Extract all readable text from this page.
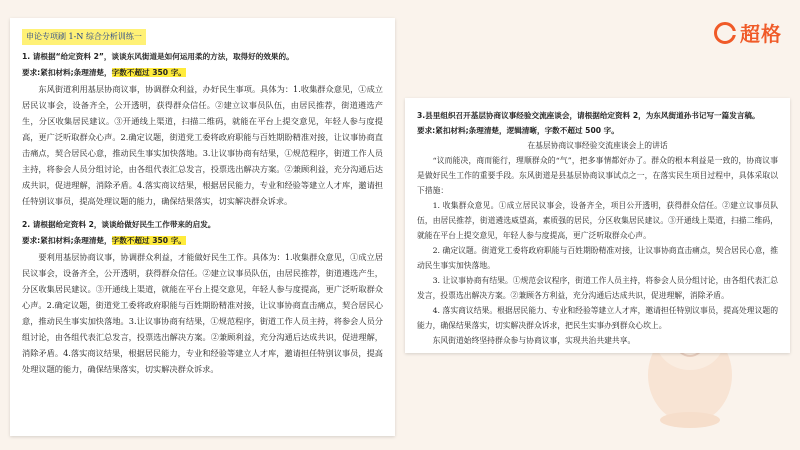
超格
申论专项刷 1-N 综合分析训练一
1. 请根据“给定资料 2”，谈谈东风街道是如何运用柔的方法，取得好的效果的。
要求:紧扣材料;条理清楚，字数不超过 350 字。
东风街道利用基层协商议事，协调群众利益，办好民生事项。具体为：1.收集群众意见，①成立居民议事会，设备齐全，公开透明，获得群众信任。②建立议事员队伍，由居民推荐，街道遴选产生，分区收集居民建议。③开通线上渠道，扫描二维码，就能在平台上提交意见，年轻人参与度提高，更广泛听取群众心声。2.确定议题，街道党工委将政府职能与百姓期盼精准对接，让议事协商直击痛点，契合居民心意，推动民生事实加快落地。3.让议事协商有结果，①规范程序，街道工作人员主持，将参会人员分组讨论，由各组代表汇总发言，投票选出解决方案。②兼顾利益，充分沟通后达成共识，促进理解，消除矛盾。4.落实商议结果，根据居民能力，专业和经验等建立人才库，邀请担任特别议事员，提高处理议题的能力，确保结果落实，切实解决群众诉求。
2. 请根据给定资料 2，谈谈给做好民生工作带来的启发。
要求:紧扣材料;条理清楚，字数不超过 350 字。
要利用基层协商议事，协调群众利益，才能做好民生工作。具体为：1.收集群众意见，①成立居民议事会，设备齐全，公开透明，获得群众信任。②建立议事员队伍，由居民推荐，街道遴选产生，分区收集居民建议。③开通线上渠道，就能在平台上提交意见，年轻人参与度提高，更广泛听取群众心声。2.确定议题，街道党工委将政府职能与百姓期盼精准对接，让议事协商直击痛点，契合居民心意，推动民生事实加快落地。3.让议事协商有结果，①规范程序，街道工作人员主持，将参会人员分组讨论，由各组代表汇总发言，投票选出解决方案。②兼顾利益，充分沟通后达成共识，促进理解，消除矛盾。4.落实商议结果，根据居民能力，专业和经验等建立人才库，邀请担任特别议事员，提高处理议题的能力，确保结果落实，切实解决群众诉求。
3.县里组织召开基层协商议事经验交流座谈会，请根据给定资料 2，为东风街道孙书记写一篇发言稿。
要求:紧扣材料;条理清楚，逻辑清晰，字数不超过 500 字。
在基层协商议事经验交流座谈会上的讲话
“议而能决，商而能行，理顺群众的“气”，把多事情都好办了。群众的根本利益是一致的，协商议事是做好民生工作的重要手段。东风街道是县基层协商议事试点之一，在落实民生项目过程中，具体采取以下措施：
1. 收集群众意见。①成立居民议事会，设备齐全，项目公开透明，获得群众信任。②建立议事员队伍，由居民推荐，街道遴选威望高，素质强的居民，分区收集居民建议。③开通线上渠道，扫描二维码，就能在平台上提交意见，年轻人参与度提高，更广泛听取群众心声。
2. 确定议题。街道党工委将政府职能与百姓期盼精准对接，让议事协商直击痛点，契合居民心意，推动民生事实加快落地。
3. 让议事协商有结果。①规范会议程序，街道工作人员主持，将参会人员分组讨论，由各组代表汇总发言，投票选出解决方案。②兼顾各方利益，充分沟通后达成共识，促进理解，消除矛盾。
4. 落实商议结果。根据居民能力、专业和经验等建立人才库，邀请担任特别议事员，提高处理议题的能力，确保结果落实，切实解决群众诉求，把民生实事办到群众心坎上。
东风街道始终坚持群众参与协商议事，实现共治共建共享。
